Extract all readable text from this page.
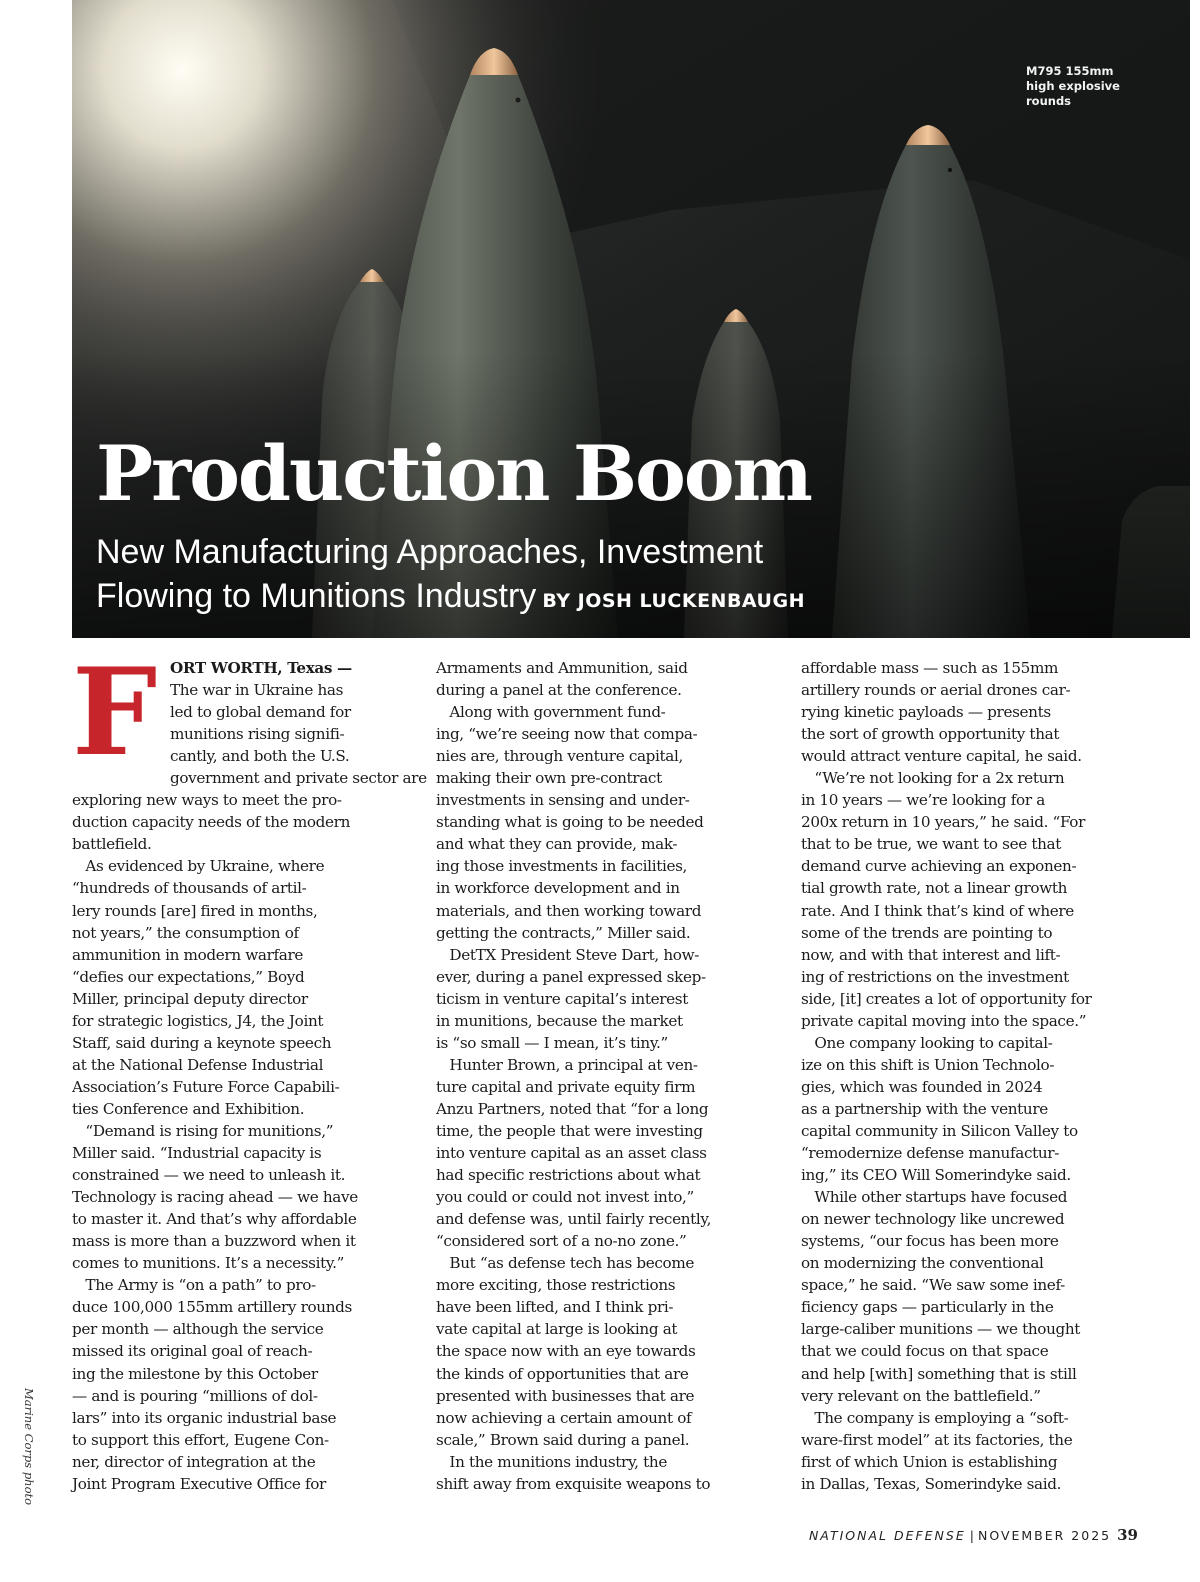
M795 155mm high explosive rounds
Production Boom
New Manufacturing Approaches, Investment
Flowing to Munitions Industry BY JOSH LUCKENBAUGH
F ORT WORTH, Texas —
The war in Ukraine has
led to global demand for
munitions rising signifi-
cantly, and both the U.S.
government and private sector are
exploring new ways to meet the pro-
duction capacity needs of the modern
battlefield.
As evidenced by Ukraine, where
“hundreds of thousands of artil-
lery rounds [are] fired in months,
not years,” the consumption of
ammunition in modern warfare
“defies our expectations,” Boyd
Miller, principal deputy director
for strategic logistics, J4, the Joint
Staff, said during a keynote speech
at the National Defense Industrial
Association’s Future Force Capabili-
ties Conference and Exhibition.
“Demand is rising for munitions,”
Miller said. “Industrial capacity is
constrained — we need to unleash it.
Technology is racing ahead — we have
to master it. And that’s why affordable
mass is more than a buzzword when it
comes to munitions. It’s a necessity.”
The Army is “on a path” to pro-
duce 100,000 155mm artillery rounds
per month — although the service
missed its original goal of reach-
ing the milestone by this October
— and is pouring “millions of dol-
lars” into its organic industrial base
to support this effort, Eugene Con-
ner, director of integration at the
Joint Program Executive Office for
Armaments and Ammunition, said
during a panel at the conference.
Along with government fund-
ing, “we’re seeing now that compa-
nies are, through venture capital,
making their own pre-contract
investments in sensing and under-
standing what is going to be needed
and what they can provide, mak-
ing those investments in facilities,
in workforce development and in
materials, and then working toward
getting the contracts,” Miller said.
DetTX President Steve Dart, how-
ever, during a panel expressed skep-
ticism in venture capital’s interest
in munitions, because the market
is “so small — I mean, it’s tiny.”
Hunter Brown, a principal at ven-
ture capital and private equity firm
Anzu Partners, noted that “for a long
time, the people that were investing
into venture capital as an asset class
had specific restrictions about what
you could or could not invest into,”
and defense was, until fairly recently,
“considered sort of a no-no zone.”
But “as defense tech has become
more exciting, those restrictions
have been lifted, and I think pri-
vate capital at large is looking at
the space now with an eye towards
the kinds of opportunities that are
presented with businesses that are
now achieving a certain amount of
scale,” Brown said during a panel.
In the munitions industry, the
shift away from exquisite weapons to
affordable mass — such as 155mm
artillery rounds or aerial drones car-
rying kinetic payloads — presents
the sort of growth opportunity that
would attract venture capital, he said.
“We’re not looking for a 2x return
in 10 years — we’re looking for a
200x return in 10 years,” he said. “For
that to be true, we want to see that
demand curve achieving an exponen-
tial growth rate, not a linear growth
rate. And I think that’s kind of where
some of the trends are pointing to
now, and with that interest and lift-
ing of restrictions on the investment
side, [it] creates a lot of opportunity for
private capital moving into the space.”
One company looking to capital-
ize on this shift is Union Technolo-
gies, which was founded in 2024
as a partnership with the venture
capital community in Silicon Valley to
“remodernize defense manufactur-
ing,” its CEO Will Somerindyke said.
While other startups have focused
on newer technology like uncrewed
systems, “our focus has been more
on modernizing the conventional
space,” he said. “We saw some inef-
ficiency gaps — particularly in the
large-caliber munitions — we thought
that we could focus on that space
and help [with] something that is still
very relevant on the battlefield.”
The company is employing a “soft-
ware-first model” at its factories, the
first of which Union is establishing
in Dallas, Texas, Somerindyke said.
Marine Corps photo
NATIONAL DEFENSE | NOVEMBER 2025 39
